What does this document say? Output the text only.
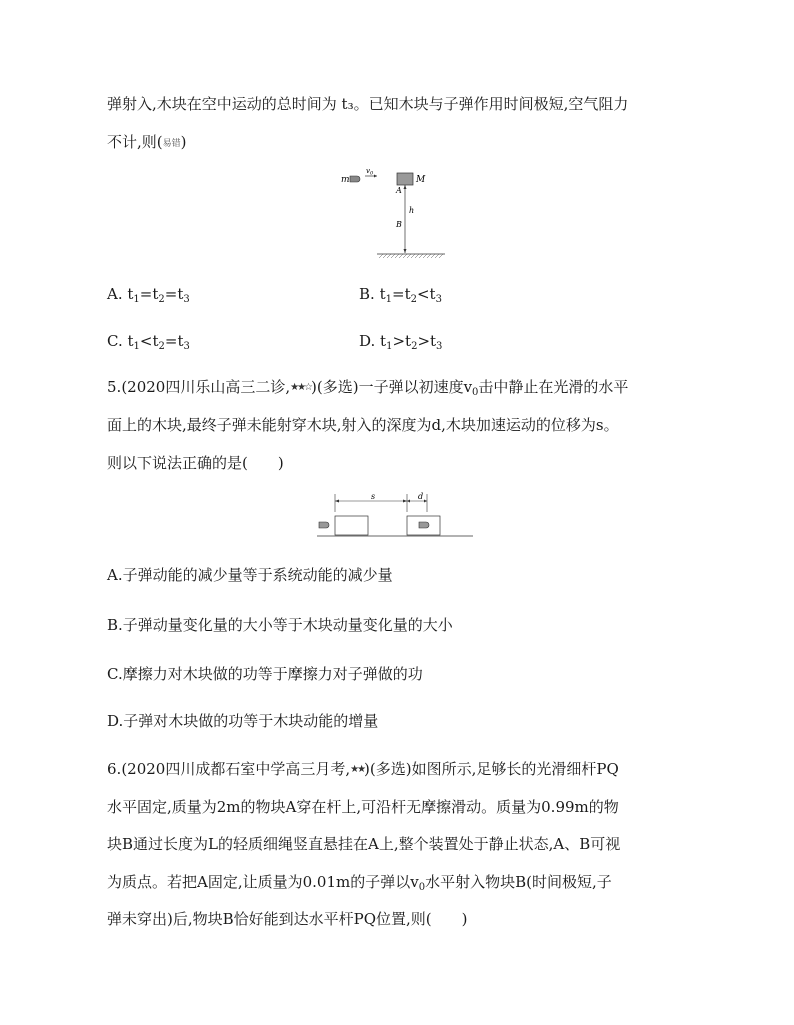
弹射入,木块在空中运动的总时间为 t₃。已知木块与子弹作用时间极短,空气阻力
不计,则(易错)
m
$v_0$
M
A
B
h
A. $t_1=t_2=t_3$	B. $t_1=t_2<t_3$
C. $t_1<t_2=t_3$	D. $t_1>t_2>t_3$
5.(2020四川乐山高三二诊,★★☆)(多选)一子弹以初速度$v_0$击中静止在光滑的水平
面上的木块,最终子弹未能射穿木块,射入的深度为d,木块加速运动的位移为s。
则以下说法正确的是(　　)
s	d
A.子弹动能的减少量等于系统动能的减少量
B.子弹动量变化量的大小等于木块动量变化量的大小
C.摩擦力对木块做的功等于摩擦力对子弹做的功
D.子弹对木块做的功等于木块动能的增量
6.(2020四川成都石室中学高三月考,★★)(多选)如图所示,足够长的光滑细杆PQ
水平固定,质量为2m的物块A穿在杆上,可沿杆无摩擦滑动。质量为0.99m的物
块B通过长度为L的轻质细绳竖直悬挂在A上,整个装置处于静止状态,A、B可视
为质点。若把A固定,让质量为0.01m的子弹以$v_0$水平射入物块B(时间极短,子
弹未穿出)后,物块B恰好能到达水平杆PQ位置,则(　　)
